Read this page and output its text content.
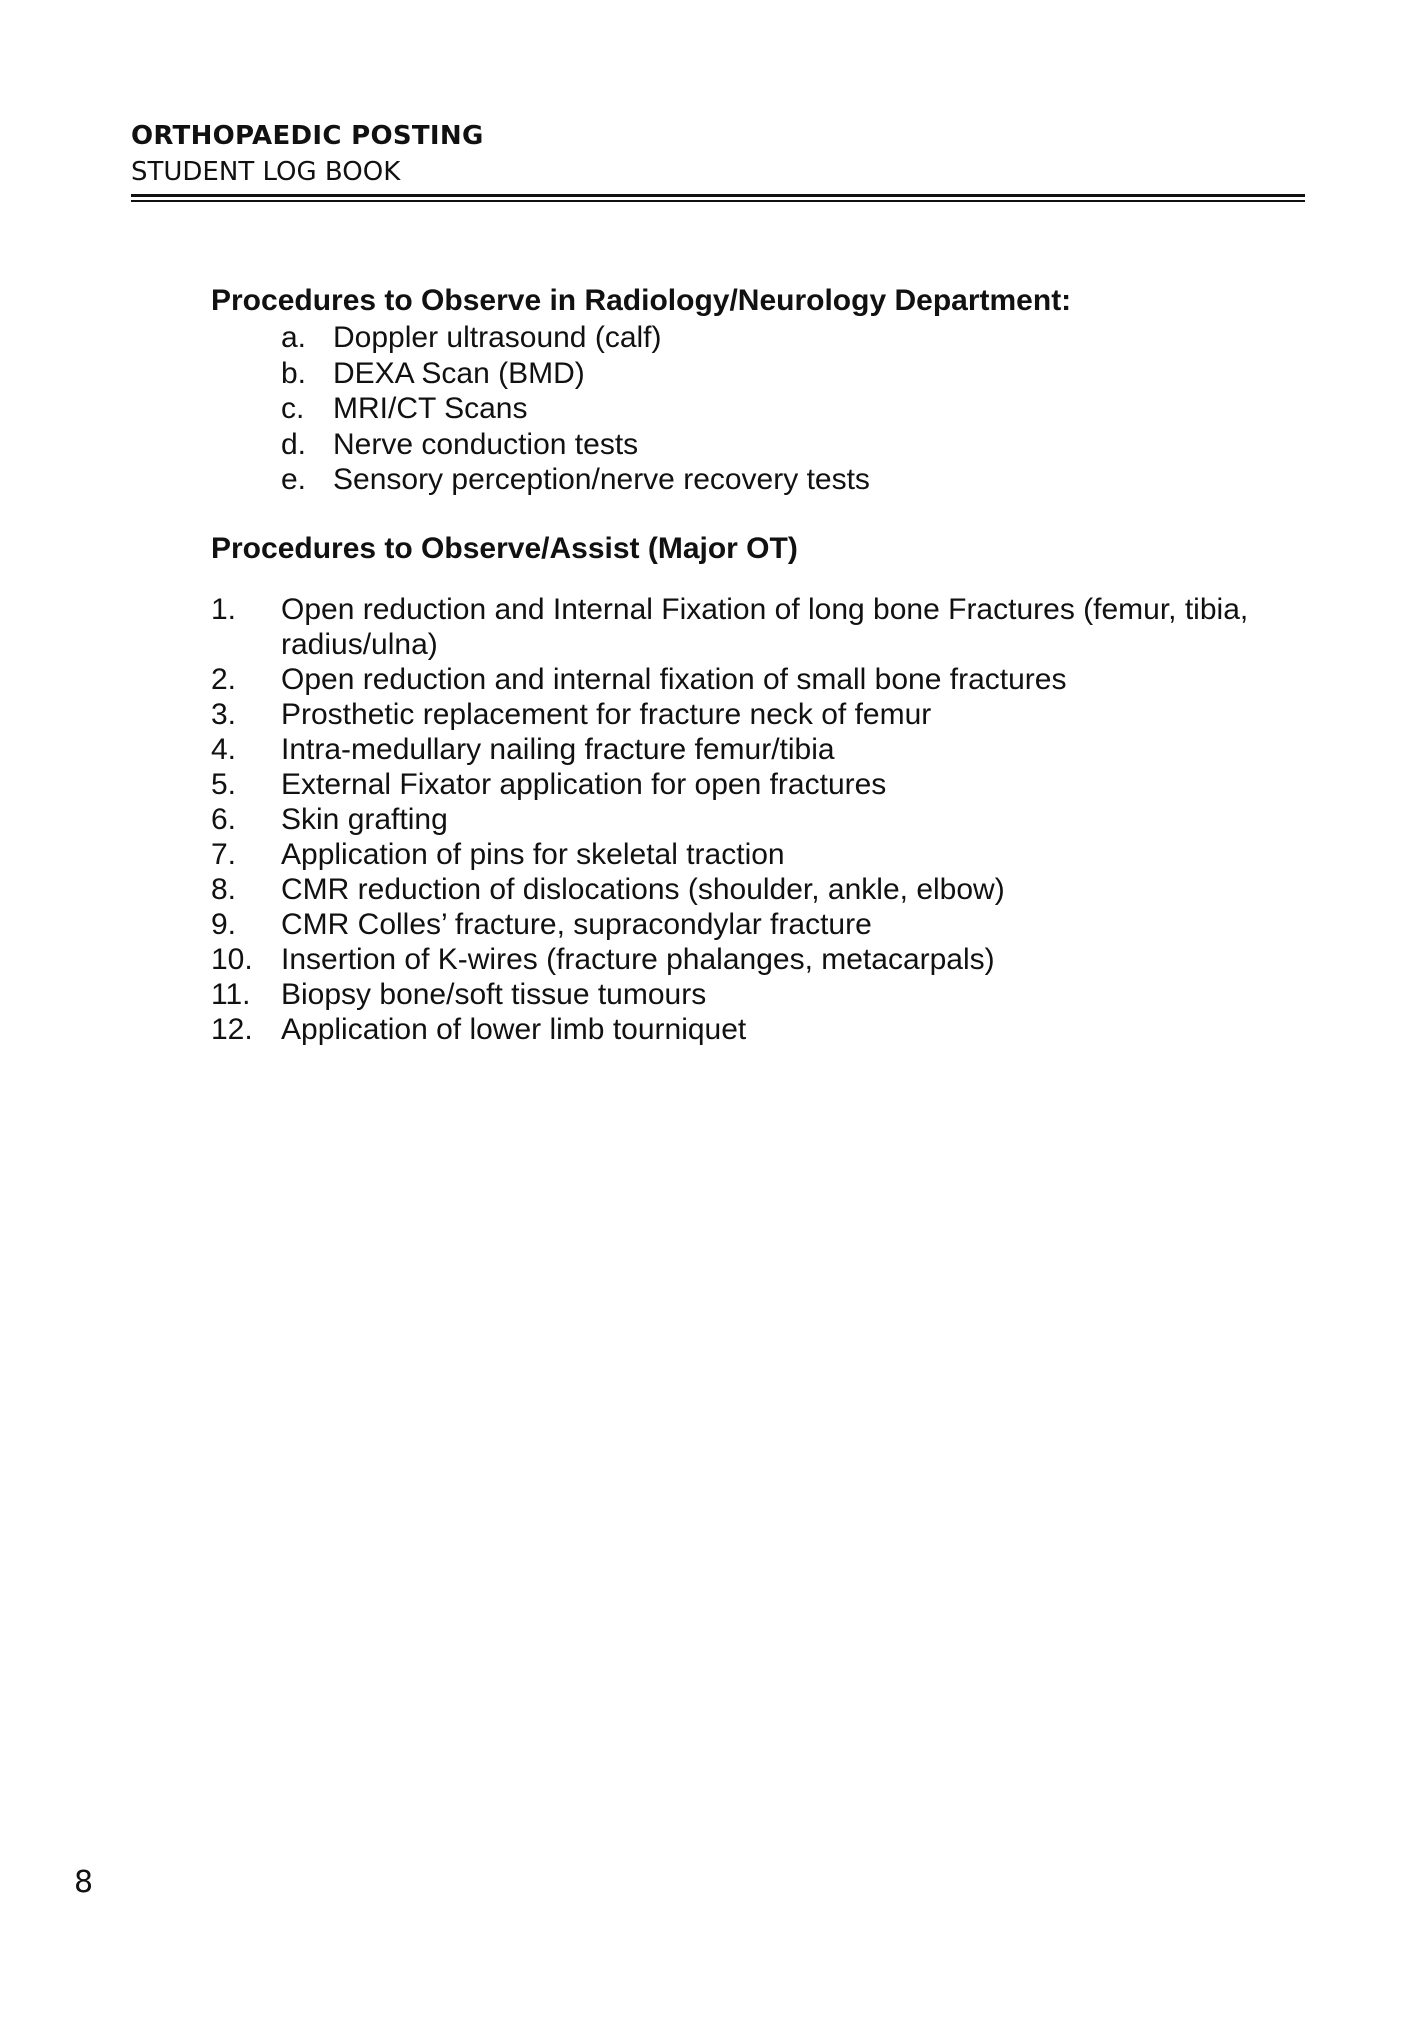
ORTHOPAEDIC POSTING
STUDENT LOG BOOK
Procedures to Observe in Radiology/Neurology Department:
a. Doppler ultrasound (calf)
b. DEXA Scan (BMD)
c. MRI/CT Scans
d. Nerve conduction tests
e. Sensory perception/nerve recovery tests
Procedures to Observe/Assist (Major OT)
1.	Open reduction and Internal Fixation of long bone Fractures (femur, tibia, radius/ulna)
2.	Open reduction and internal fixation of small bone fractures
3.	Prosthetic replacement for fracture neck of femur
4.	Intra-medullary nailing fracture femur/tibia
5.	External Fixator application for open fractures
6.	Skin grafting
7.	Application of pins for skeletal traction
8.	CMR reduction of dislocations (shoulder, ankle, elbow)
9.	CMR Colles’ fracture, supracondylar fracture
10. Insertion of K-wires (fracture phalanges, metacarpals)
11.	Biopsy bone/soft tissue tumours
12. Application of lower limb tourniquet
8
